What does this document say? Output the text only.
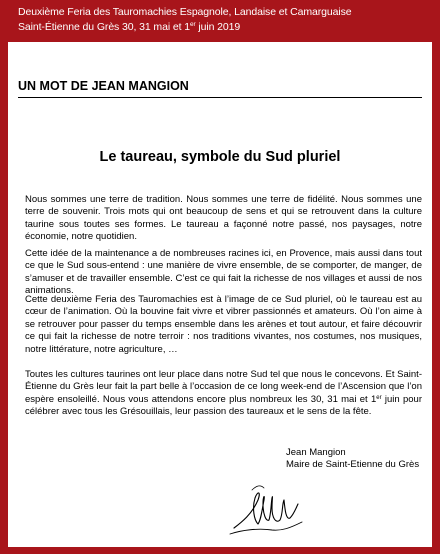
Deuxième Feria des Tauromachies Espagnole, Landaise et Camarguaise
Saint-Étienne du Grès 30, 31 mai et 1er juin 2019
UN MOT DE JEAN MANGION
Le taureau, symbole du Sud pluriel

Nous sommes une terre de tradition. Nous sommes une terre de fidélité. Nous sommes une terre de souvenir. Trois mots qui ont beaucoup de sens et qui se retrouvent dans la culture taurine sous toutes ses formes. Le taureau a façonné notre passé, nos paysages, notre économie, notre quotidien.

Cette idée de la maintenance a de nombreuses racines ici, en Provence, mais aussi dans tout ce que le Sud sous-entend : une manière de vivre ensemble, de se comporter, de manger, de s’amuser et de travailler ensemble. C’est ce qui fait la richesse de nos villages et aussi de nos animations.

Cette deuxième Feria des Tauromachies est à l’image de ce Sud pluriel, où le taureau est au cœur de l’animation. Où la bouvine fait vivre et vibrer passionnés et amateurs. Où l’on aime à se retrouver pour passer du temps ensemble dans les arènes et tout autour, et faire découvrir ce qui fait la richesse de notre terroir : nos traditions vivantes, nos costumes, nos musiques, notre littérature, notre agriculture, …

Toutes les cultures taurines ont leur place dans notre Sud tel que nous le concevons. Et Saint-Étienne du Grès leur fait la part belle à l’occasion de ce long week-end de l’Ascension que l’on espère ensoleillé. Nous vous attendons encore plus nombreux les 30, 31 mai et 1er juin pour célébrer avec tous les Grésouillais, leur passion des taureaux et le sens de la fête.

Jean Mangion
Maire de Saint-Etienne du Grès
